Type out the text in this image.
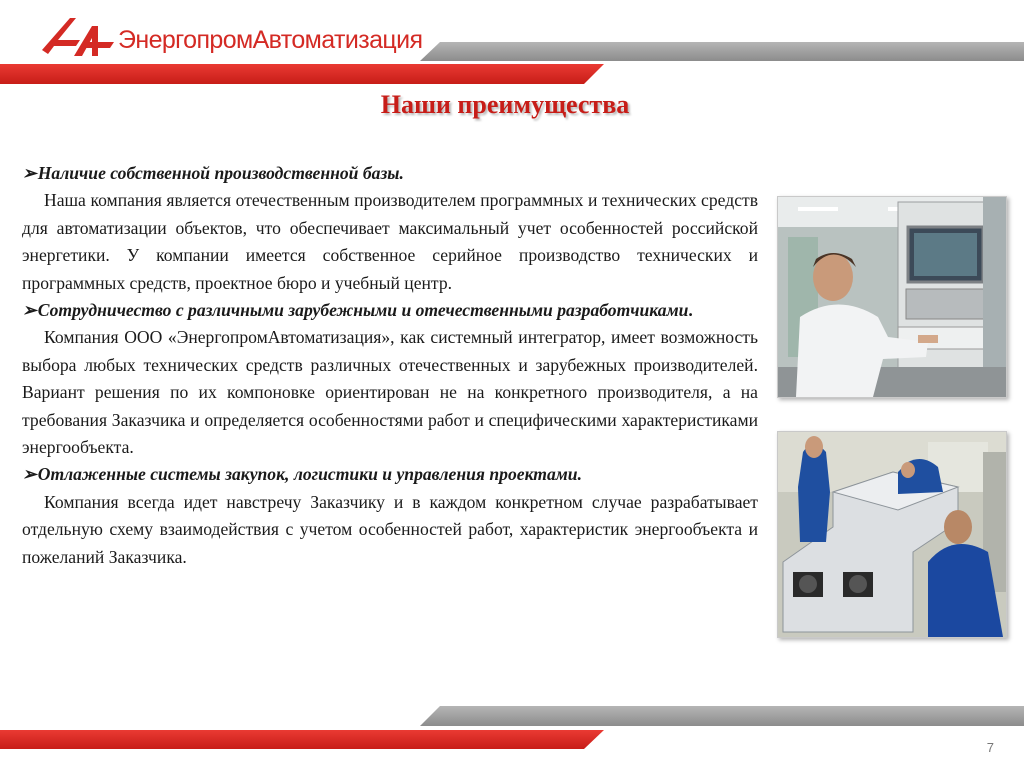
ЭнергопромАвтоматизация
Наши преимущества

➢Наличие собственной производственной базы.

Наша компания является отечественным производителем программных и технических средств для автоматизации объектов, что обеспечивает максимальный учет особенностей российской энергетики. У компании имеется собственное серийное производство технических и программных средств, проектное бюро и учебный центр.

➢Сотрудничество с различными зарубежными и отечественными разработчиками.

Компания ООО «ЭнергопромАвтоматизация», как системный интегратор, имеет возможность выбора любых технических средств различных отечественных и зарубежных производителей. Вариант решения по их компоновке ориентирован не на конкретного производителя, а на требования Заказчика и определяется особенностями работ и специфическими характеристиками энергообъекта.

➢Отлаженные системы закупок, логистики и управления проектами.

Компания всегда идет навстречу Заказчику и в каждом конкретном случае разрабатывает отдельную схему взаимодействия с учетом особенностей работ, характеристик энергообъекта и пожеланий Заказчика.

7
